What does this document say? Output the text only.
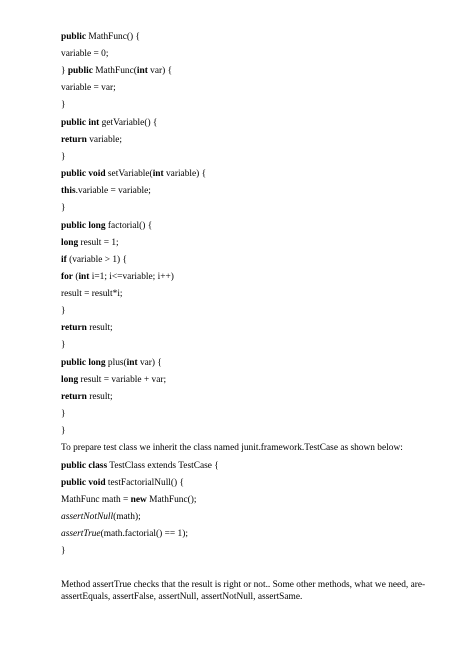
public MathFunc() {
variable = 0;
} public MathFunc(int var) {
variable = var;
}
public int getVariable() {
return variable;
}
public void setVariable(int variable) {
this.variable = variable;
}
public long factorial() {
long result = 1;
if (variable > 1) {
for (int i=1; i<=variable; i++)
result = result*i;
}
return result;
}
public long plus(int var) {
long result = variable + var;
return result;
}
}
To prepare test class we inherit the class named junit.framework.TestCase as shown below:
public class TestClass extends TestCase {
public void testFactorialNull() {
MathFunc math = new MathFunc();
assertNotNull(math);
assertTrue(math.factorial() == 1);
}
Method assertTrue checks that the result is right or not.. Some other methods, what we need, are- assertEquals, assertFalse, assertNull, assertNotNull, assertSame.
